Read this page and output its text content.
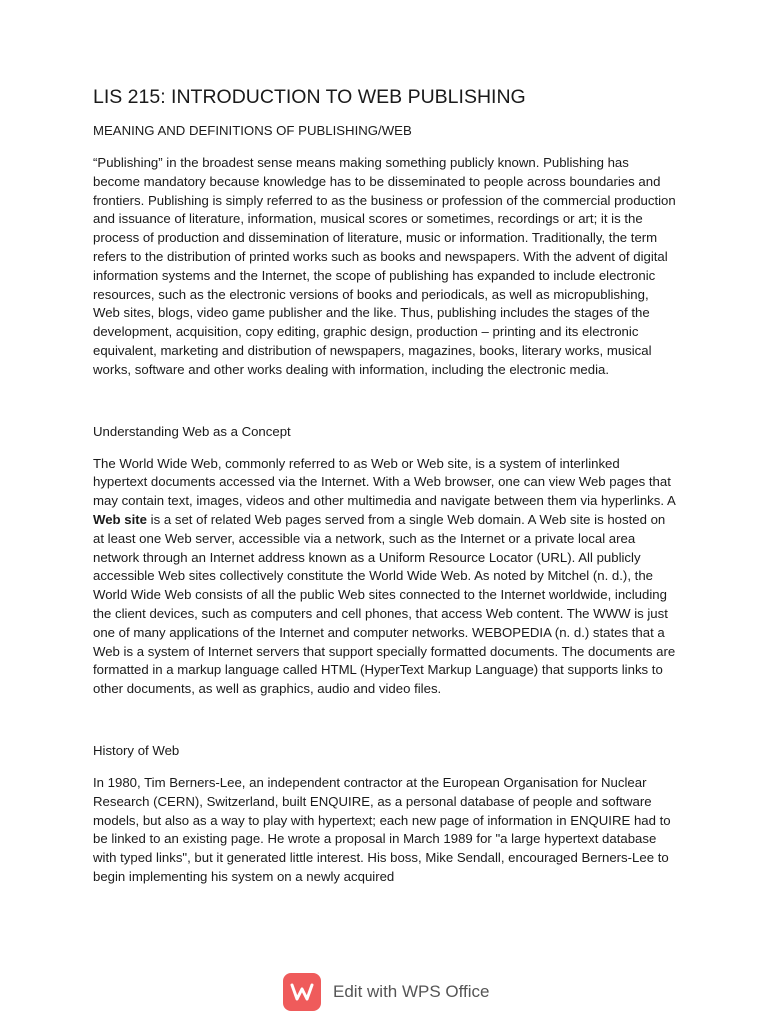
LIS 215: INTRODUCTION TO WEB PUBLISHING
MEANING AND DEFINITIONS OF PUBLISHING/WEB

“Publishing” in the broadest sense means making something publicly known. Publishing has become mandatory because knowledge has to be disseminated to people across boundaries and frontiers. Publishing is simply referred to as the business or profession of the commercial production and issuance of literature, information, musical scores or sometimes, recordings or art; it is the process of production and dissemination of literature, music or information. Traditionally, the term refers to the distribution of printed works such as books and newspapers. With the advent of digital information systems and the Internet, the scope of publishing has expanded to include electronic resources, such as the electronic versions of books and periodicals, as well as micropublishing, Web sites, blogs, video game publisher and the like. Thus, publishing includes the stages of the development, acquisition, copy editing, graphic design, production – printing and its electronic equivalent, marketing and distribution of newspapers, magazines, books, literary works, musical works, software and other works dealing with information, including the electronic media.

Understanding Web as a Concept

The World Wide Web, commonly referred to as Web or Web site, is a system of interlinked hypertext documents accessed via the Internet. With a Web browser, one can view Web pages that may contain text, images, videos and other multimedia and navigate between them via hyperlinks. A Web site is a set of related Web pages served from a single Web domain. A Web site is hosted on at least one Web server, accessible via a network, such as the Internet or a private local area network through an Internet address known as a Uniform Resource Locator (URL). All publicly accessible Web sites collectively constitute the World Wide Web. As noted by Mitchel (n. d.), the World Wide Web consists of all the public Web sites connected to the Internet worldwide, including the client devices, such as computers and cell phones, that access Web content. The WWW is just one of many applications of the Internet and computer networks. WEBOPEDIA (n. d.) states that a Web is a system of Internet servers that support specially formatted documents. The documents are formatted in a markup language called HTML (HyperText Markup Language) that supports links to other documents, as well as graphics, audio and video files.

History of Web

In 1980, Tim Berners-Lee, an independent contractor at the European Organisation for Nuclear Research (CERN), Switzerland, built ENQUIRE, as a personal database of people and software models, but also as a way to play with hypertext; each new page of information in ENQUIRE had to be linked to an existing page. He wrote a proposal in March 1989 for "a large hypertext database with typed links", but it generated little interest. His boss, Mike Sendall, encouraged Berners-Lee to begin implementing his system on a newly acquired

Edit with WPS Office
